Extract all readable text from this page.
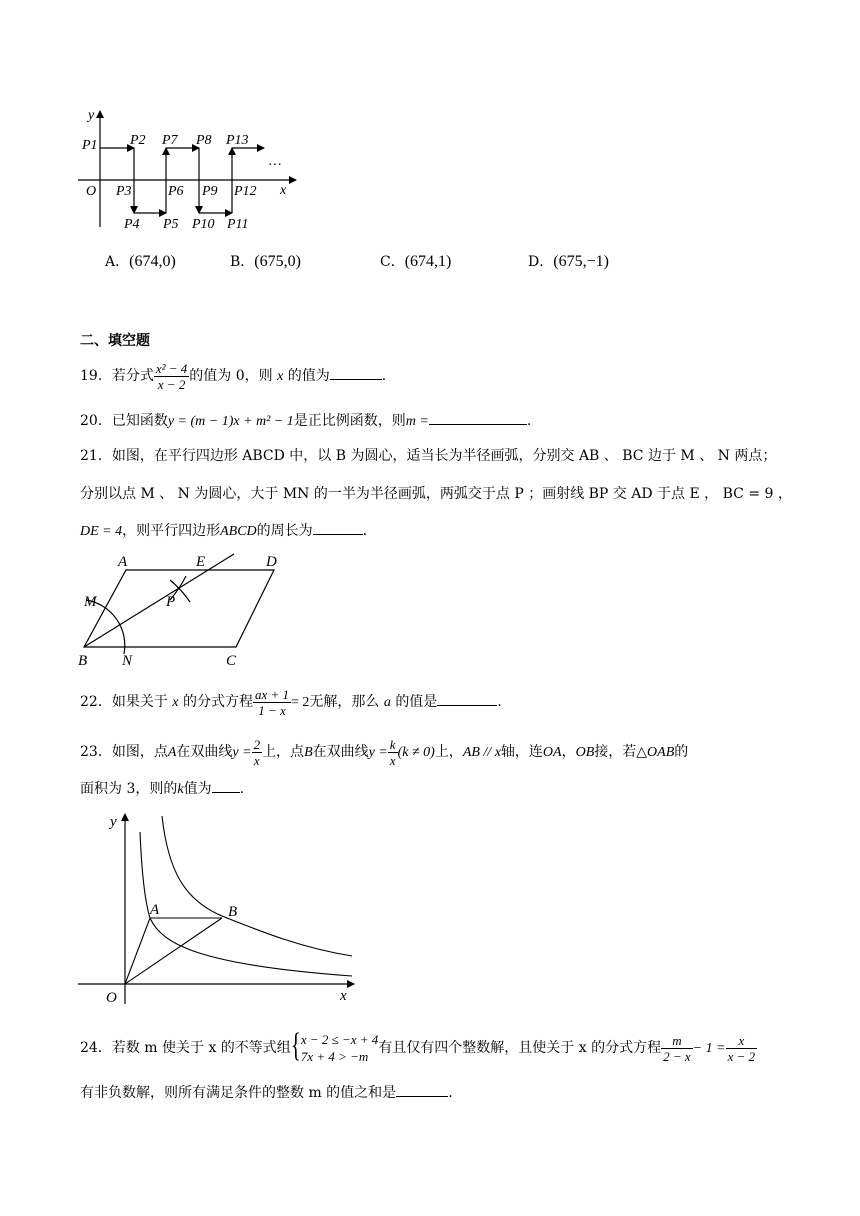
y
x
O
P1 P2 P7 P8 P13
P3	P6 P9 P12
P4 P5 P10 P11
…
A．(674,0)	B．(675,0)	C．(674,1)	D．(675,−1)
二、填空题
19．若分式 $\frac{\text{x² − 4}}{x - 2}$ 的值为 0，则 x 的值为	.
20．已知函数y = (m − 1)x + m² − 1是正比例函数，则m =	.
21．如图，在平行四边形 ABCD 中，以 B 为圆心，适当长为半径画弧，分别交 AB 、 BC 边于 M 、 N 两点；
分别以点 M 、 N 为圆心，大于 MN 的一半为半径画弧，两弧交于点 P ；画射线 BP 交 AD 于点 E ， BC = 9 ，
DE = 4，则平行四边形ABCD的周长为	.
A	E	D
M	P
B N	C
22．如果关于 x 的分式方程 $\frac{ax + 1}{1 - x} = 2$无解，那么 a 的值是	.
23．如图，点A在双曲线$y = \frac{2}{x}$ 上，点B在双曲线$y = \frac{k}{x} (k \ne 0)$上，AB // x轴，连OA，OB接，若△OAB的
面积为 3，则的k值为 .
y
x
O
A	B
24．若数 m 使关于 x 的不等式组 { x − 2 ≤ −x + 4
7x + 4 > −m
有且仅有四个整数解，且使关于 x 的分式方程 $\frac{m}{2 - x} - 1 = \frac{x}{x - 2}$
有非负数解，则所有满足条件的整数 m 的值之和是	.
